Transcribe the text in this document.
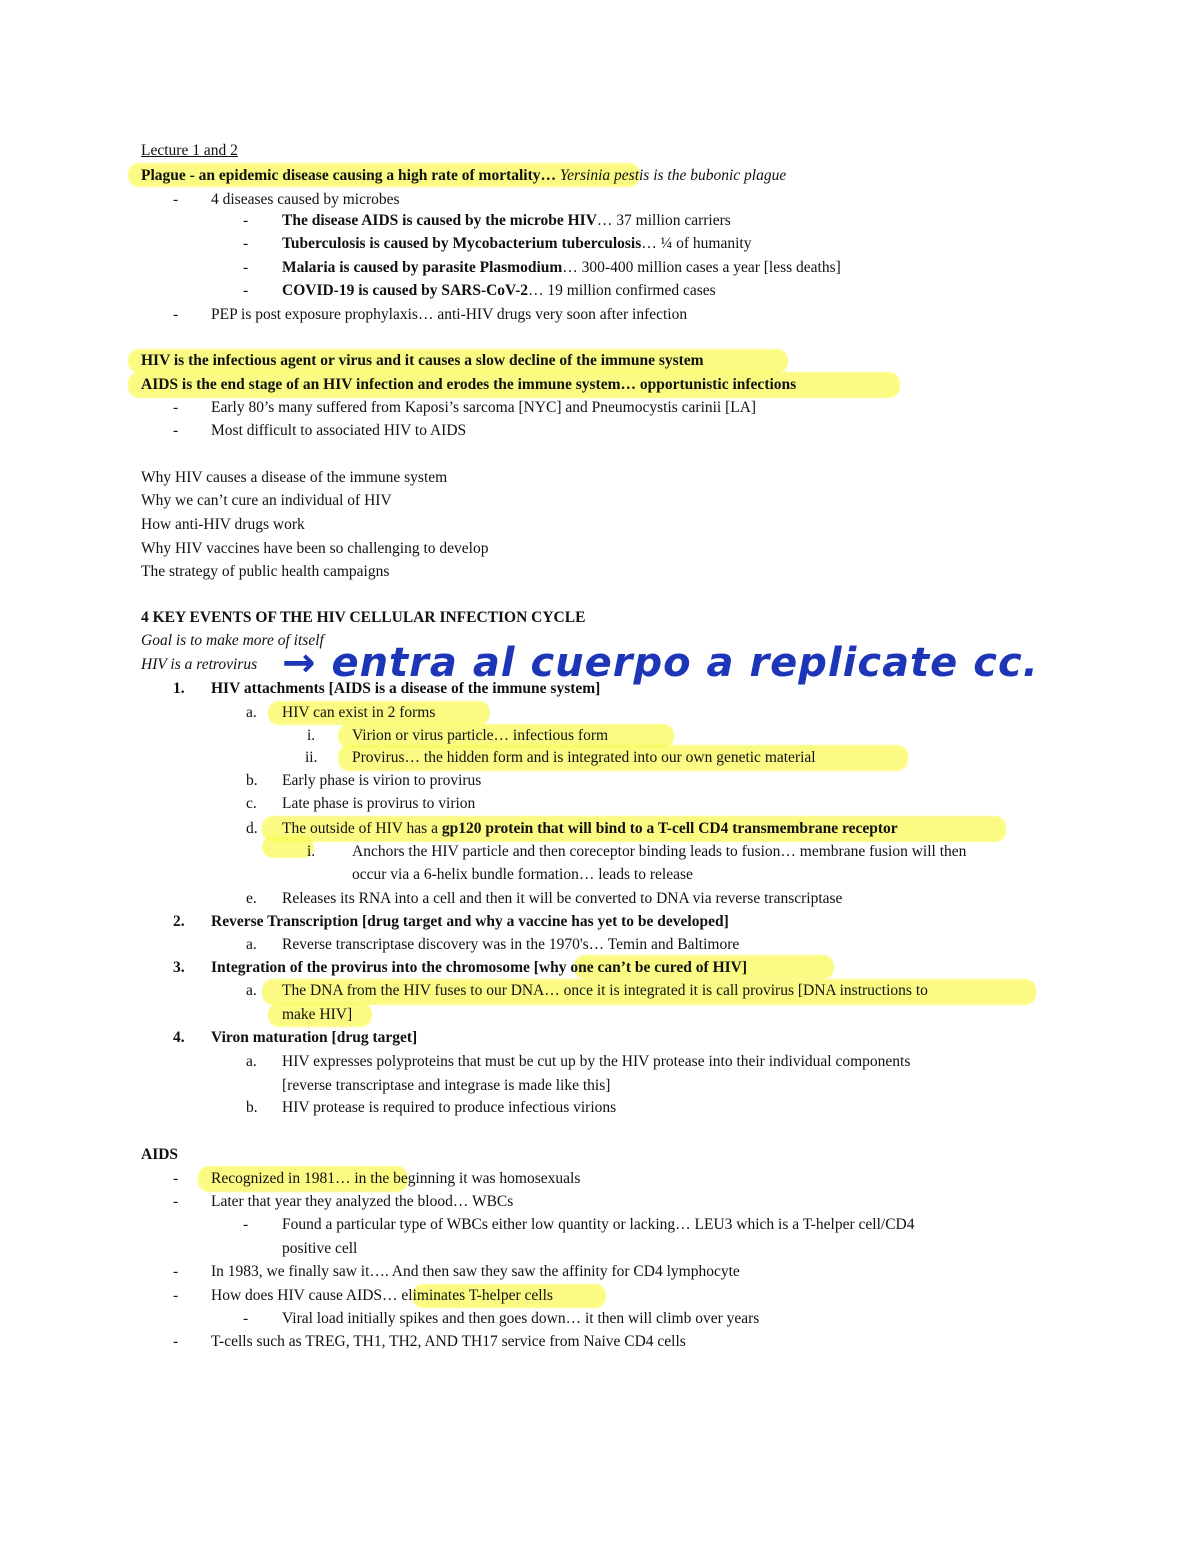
Lecture 1 and 2
Plague - an epidemic disease causing a high rate of mortality… Yersinia pestis is the bubonic plague
- 4 diseases caused by microbes
- The disease AIDS is caused by the microbe HIV… 37 million carriers
- Tuberculosis is caused by Mycobacterium tuberculosis… ¼ of humanity
- Malaria is caused by parasite Plasmodium… 300-400 million cases a year [less deaths]
- COVID-19 is caused by SARS-CoV-2… 19 million confirmed cases
- PEP is post exposure prophylaxis… anti-HIV drugs very soon after infection
HIV is the infectious agent or virus and it causes a slow decline of the immune system
AIDS is the end stage of an HIV infection and erodes the immune system… opportunistic infections
- Early 80’s many suffered from Kaposi’s sarcoma [NYC] and Pneumocystis carinii [LA]
- Most difficult to associated HIV to AIDS
Why HIV causes a disease of the immune system
Why we can’t cure an individual of HIV
How anti-HIV drugs work
Why HIV vaccines have been so challenging to develop
The strategy of public health campaigns
4 KEY EVENTS OF THE HIV CELLULAR INFECTION CYCLE
Goal is to make more of itself
HIV is a retrovirus
1. HIV attachments [AIDS is a disease of the immune system]
a. HIV can exist in 2 forms
i. Virion or virus particle… infectious form
ii. Provirus… the hidden form and is integrated into our own genetic material
b. Early phase is virion to provirus
c. Late phase is provirus to virion
d. The outside of HIV has a gp120 protein that will bind to a T-cell CD4 transmembrane receptor
i. Anchors the HIV particle and then coreceptor binding leads to fusion… membrane fusion will then
occur via a 6-helix bundle formation… leads to release
e. Releases its RNA into a cell and then it will be converted to DNA via reverse transcriptase
2. Reverse Transcription [drug target and why a vaccine has yet to be developed]
a. Reverse transcriptase discovery was in the 1970's… Temin and Baltimore
3. Integration of the provirus into the chromosome [why one can’t be cured of HIV]
a. The DNA from the HIV fuses to our DNA… once it is integrated it is call provirus [DNA instructions to
make HIV]
4. Viron maturation [drug target]
a. HIV expresses polyproteins that must be cut up by the HIV protease into their individual components
[reverse transcriptase and integrase is made like this]
b. HIV protease is required to produce infectious virions
AIDS
- Recognized in 1981… in the beginning it was homosexuals
- Later that year they analyzed the blood… WBCs
- Found a particular type of WBCs either low quantity or lacking… LEU3 which is a T-helper cell/CD4
positive cell
- In 1983, we finally saw it…. And then saw they saw the affinity for CD4 lymphocyte
- How does HIV cause AIDS… eliminates T-helper cells
- Viral load initially spikes and then goes down… it then will climb over years
- T-cells such as TREG, TH1, TH2, AND TH17 service from Naive CD4 cells
→ entra al cuerpo a replicate cc.
